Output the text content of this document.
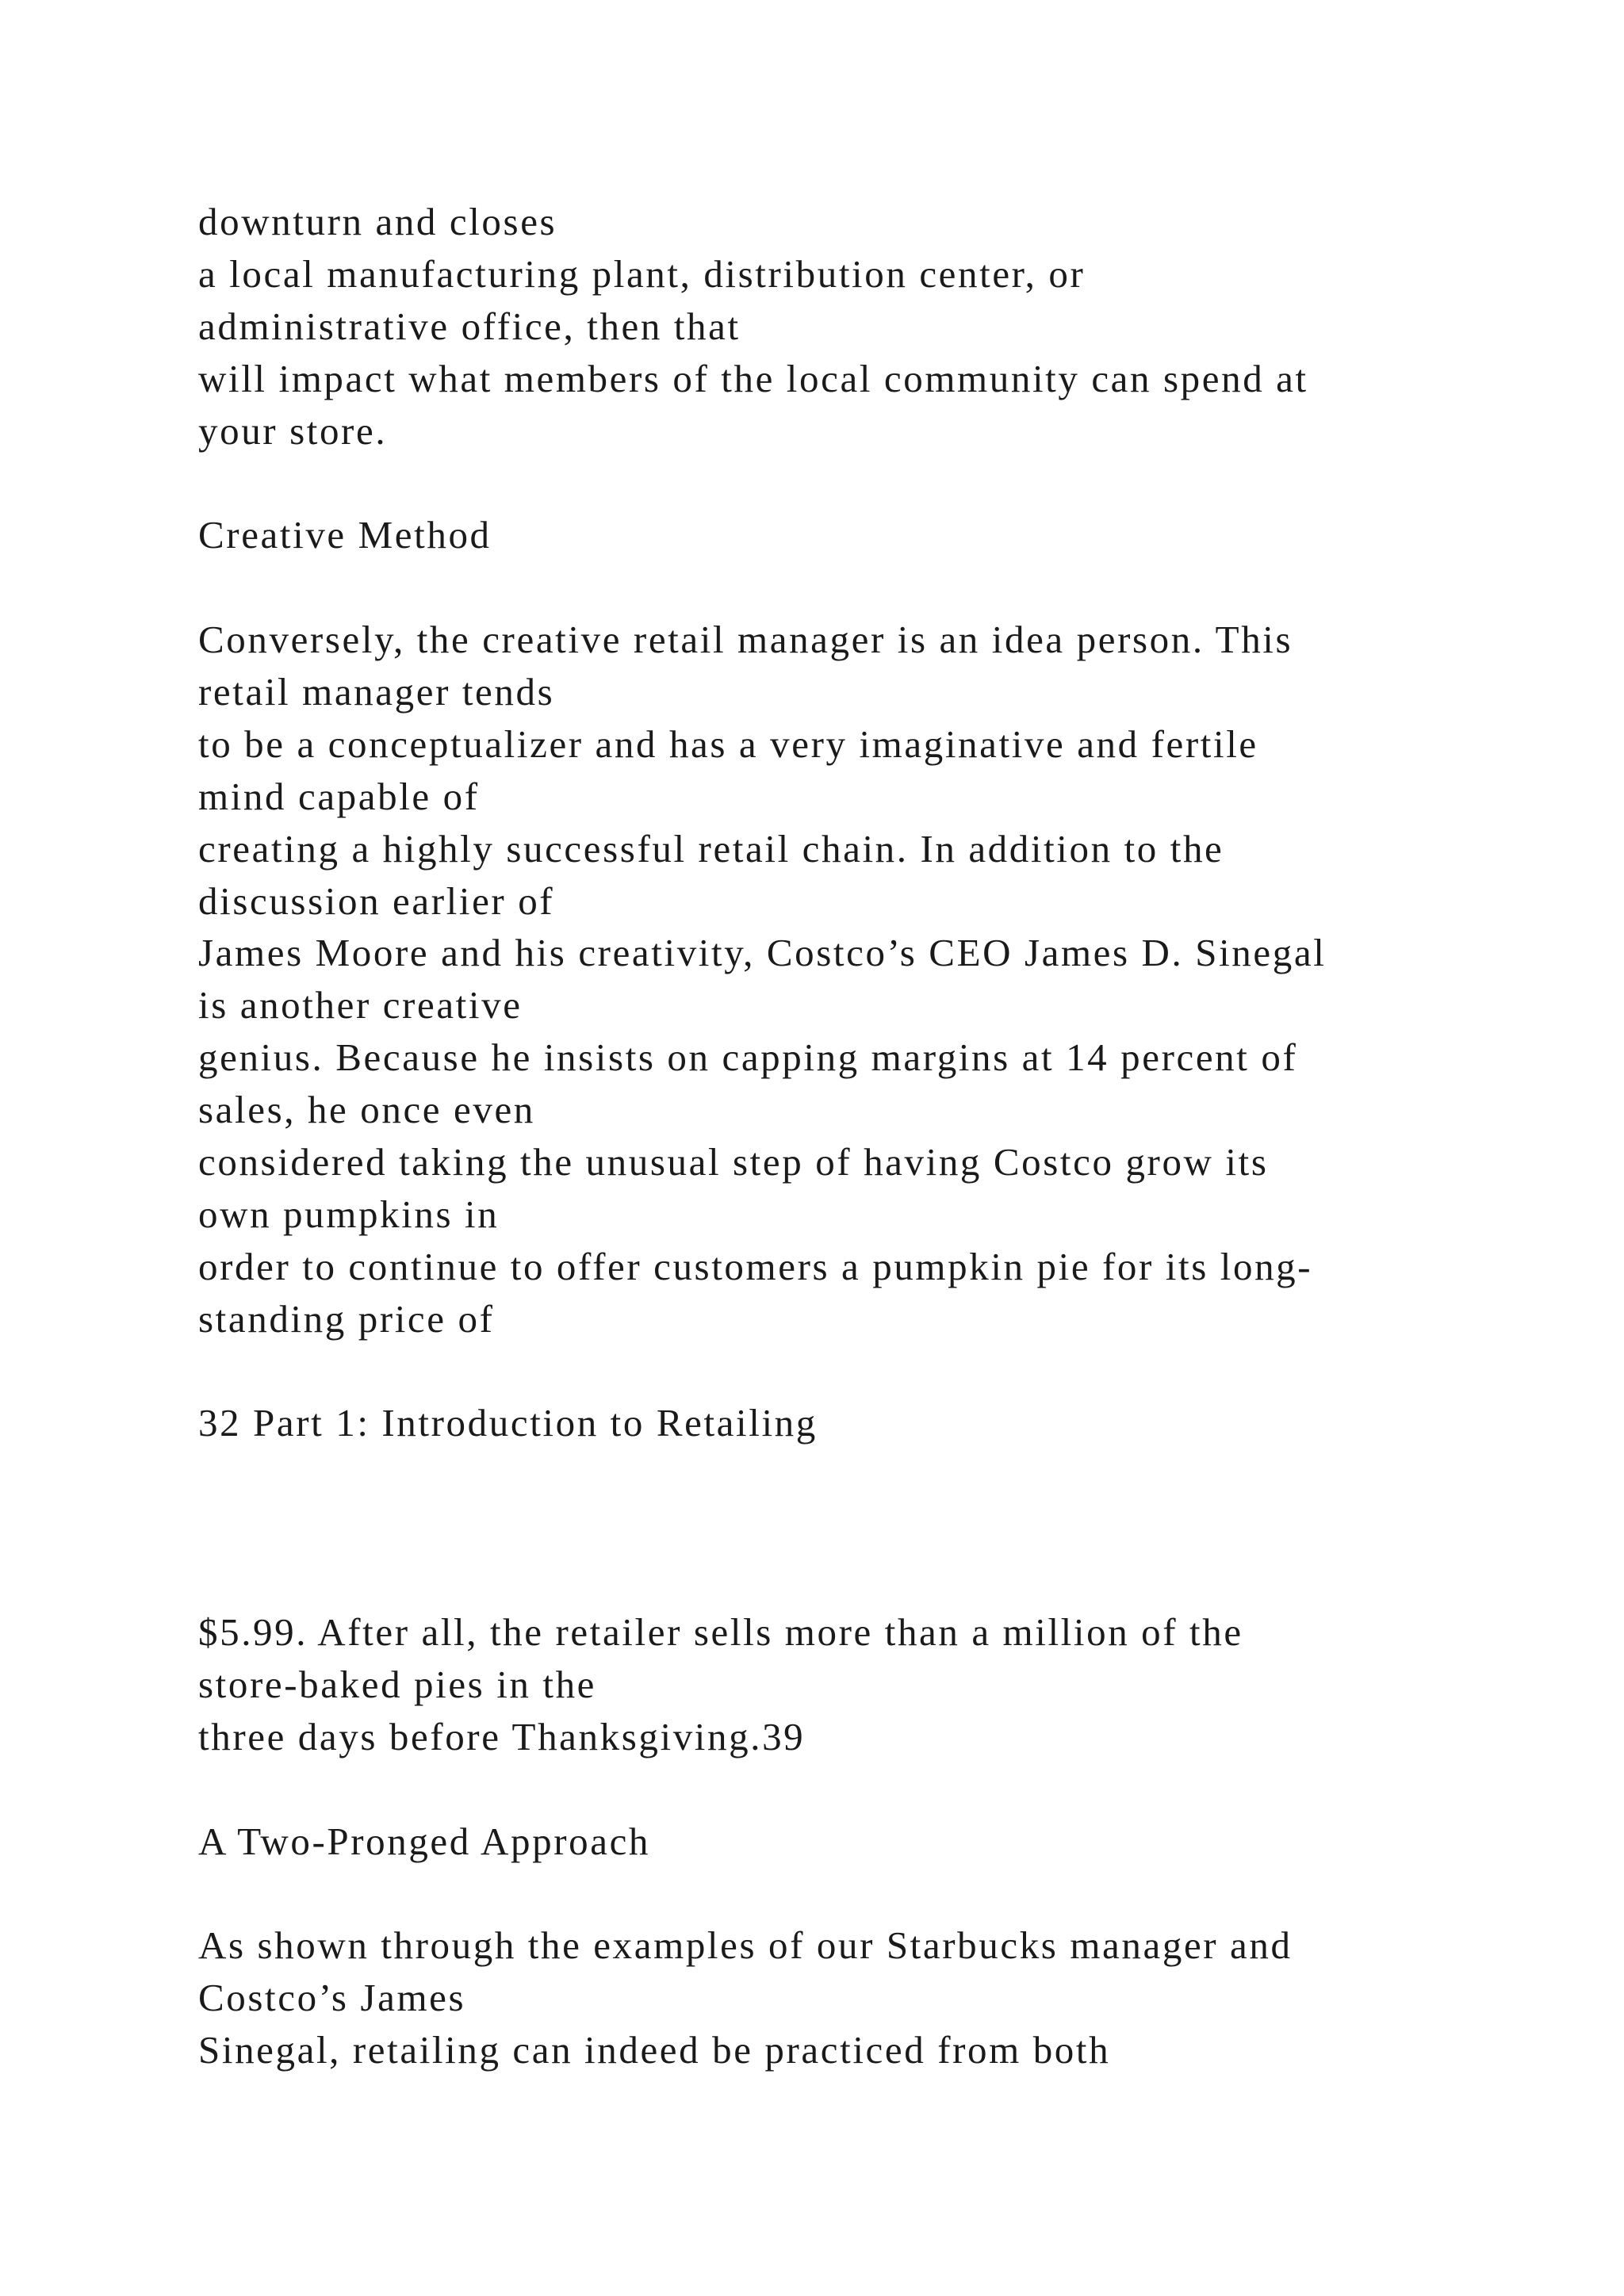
downturn and closes
a local manufacturing plant, distribution center, or
administrative office, then that
will impact what members of the local community can spend at
your store.
Creative Method
Conversely, the creative retail manager is an idea person. This
retail manager tends
to be a conceptualizer and has a very imaginative and fertile
mind capable of
creating a highly successful retail chain. In addition to the
discussion earlier of
James Moore and his creativity, Costco’s CEO James D. Sinegal
is another creative
genius. Because he insists on capping margins at 14 percent of
sales, he once even
considered taking the unusual step of having Costco grow its
own pumpkins in
order to continue to offer customers a pumpkin pie for its long-
standing price of
32 Part 1: Introduction to Retailing
$5.99. After all, the retailer sells more than a million of the
store-baked pies in the
three days before Thanksgiving.39
A Two-Pronged Approach
As shown through the examples of our Starbucks manager and
Costco’s James
Sinegal, retailing can indeed be practiced from both
